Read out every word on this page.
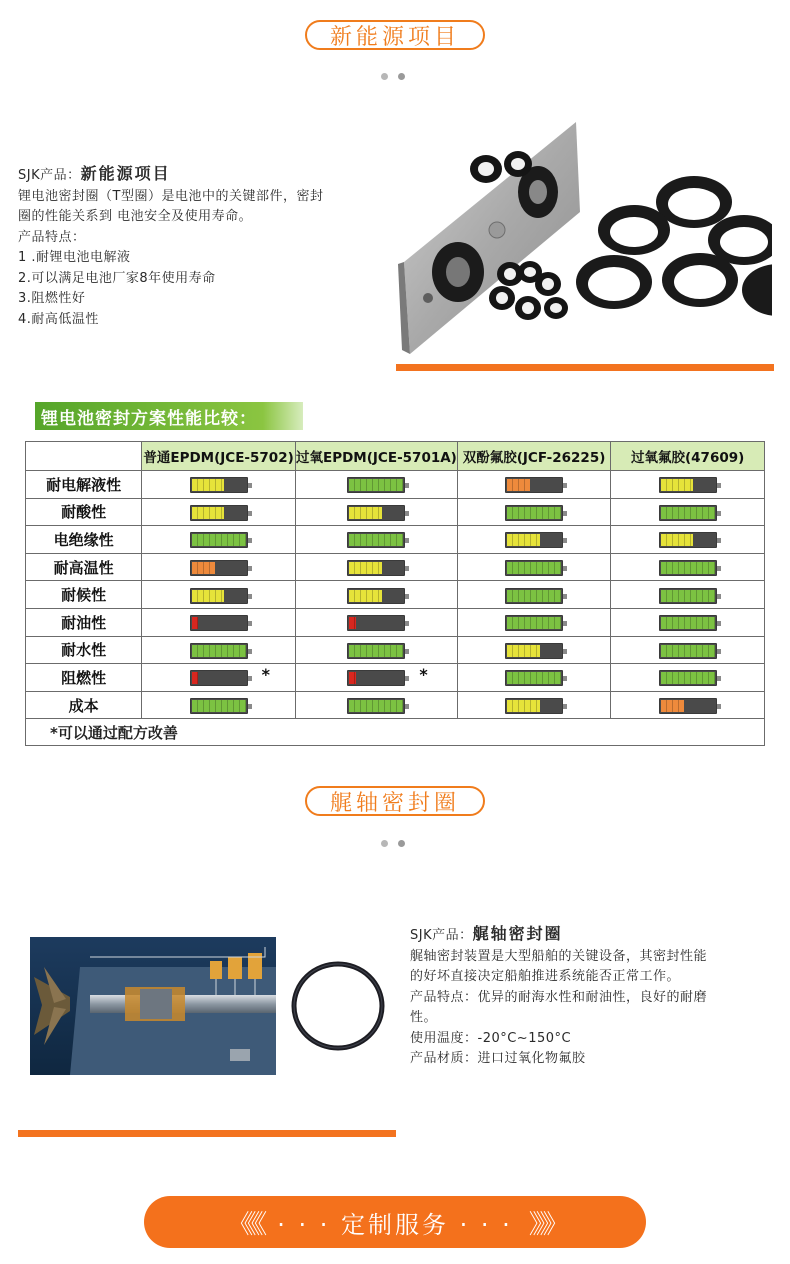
新能源项目
SJK产品：新能源项目
锂电池密封圈（T型圈）是电池中的关键部件，密封
圈的性能关系到 电池安全及使用寿命。
产品特点：
1 .耐锂电池电解液
2.可以满足电池厂家8年使用寿命
3.阻燃性好
4.耐高低温性
锂电池密封方案性能比较：
	普通EPDM(JCE-5702)	过氧EPDM(JCE-5701A)	双酚氟胶(JCF-26225)	过氧氟胶(47609)
耐电解液性	

耐酸性	

电绝缘性	

耐高温性	

耐候性	

耐油性	

耐水性	

阻燃性	*	*		

成本	

*可以通过配方改善				
艉轴密封圈
SJK产品：艉轴密封圈
艉轴密封装置是大型船舶的关键设备，其密封性能
的好坏直接决定船舶推进系统能否正常工作。
产品特点：优异的耐海水性和耐油性，良好的耐磨
性。
使用温度：-20°C~150°C
产品材质：进口过氧化物氟胶
《《《 · · · 定制服务 · · · 》》》
